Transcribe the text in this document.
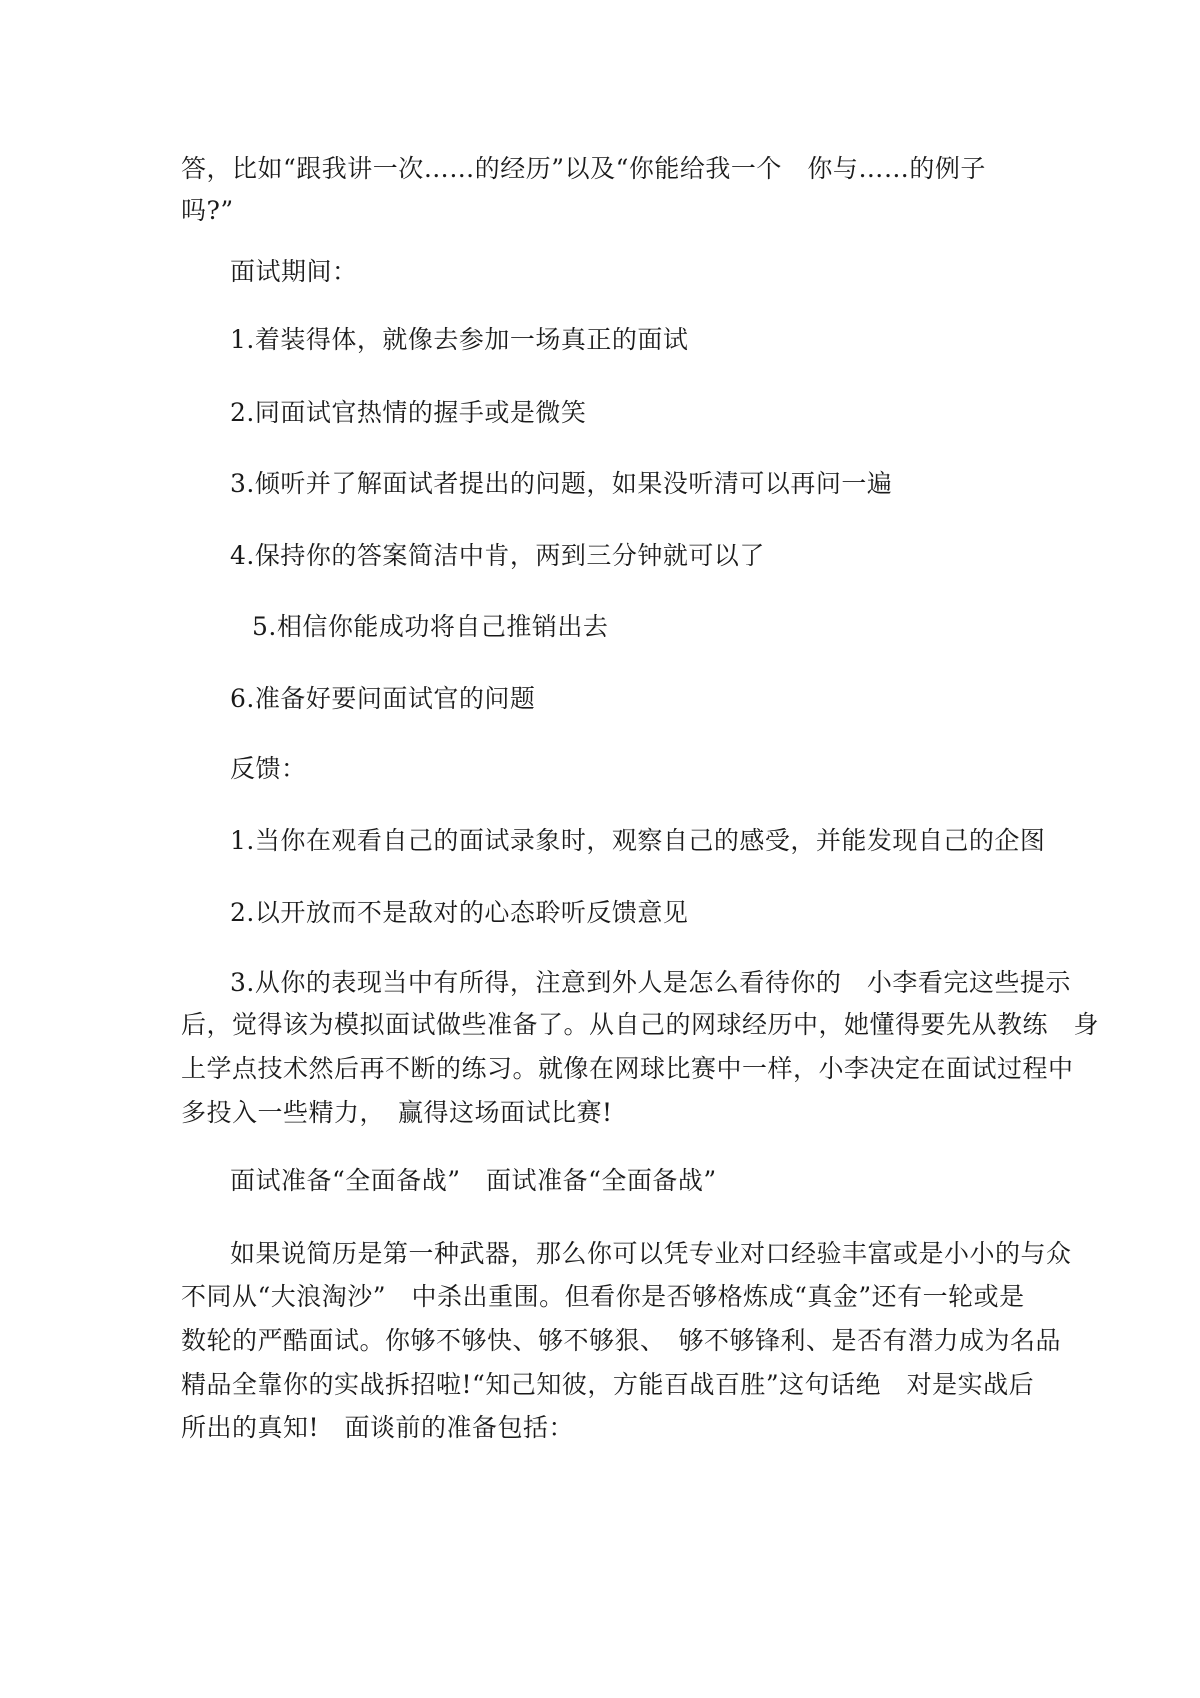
答，比如“跟我讲一次……的经历”以及“你能给我一个　你与……的例子
吗?”
面试期间：
1.着装得体，就像去参加一场真正的面试
2.同面试官热情的握手或是微笑
3.倾听并了解面试者提出的问题，如果没听清可以再问一遍
4.保持你的答案简洁中肯，两到三分钟就可以了
5.相信你能成功将自己推销出去
6.准备好要问面试官的问题
反馈：
1.当你在观看自己的面试录象时，观察自己的感受，并能发现自己的企图
2.以开放而不是敌对的心态聆听反馈意见
3.从你的表现当中有所得，注意到外人是怎么看待你的　小李看完这些提示
后，觉得该为模拟面试做些准备了。从自己的网球经历中，她懂得要先从教练　身
上学点技术然后再不断的练习。就像在网球比赛中一样，小李决定在面试过程中
多投入一些精力，　赢得这场面试比赛!
面试准备“全面备战”　面试准备“全面备战”
如果说简历是第一种武器，那么你可以凭专业对口经验丰富或是小小的与众
不同从“大浪淘沙”　中杀出重围。但看你是否够格炼成“真金”还有一轮或是
数轮的严酷面试。你够不够快、够不够狠、　够不够锋利、是否有潜力成为名品
精品全靠你的实战拆招啦!“知己知彼，方能百战百胜”这句话绝　对是实战后
所出的真知!　面谈前的准备包括：
